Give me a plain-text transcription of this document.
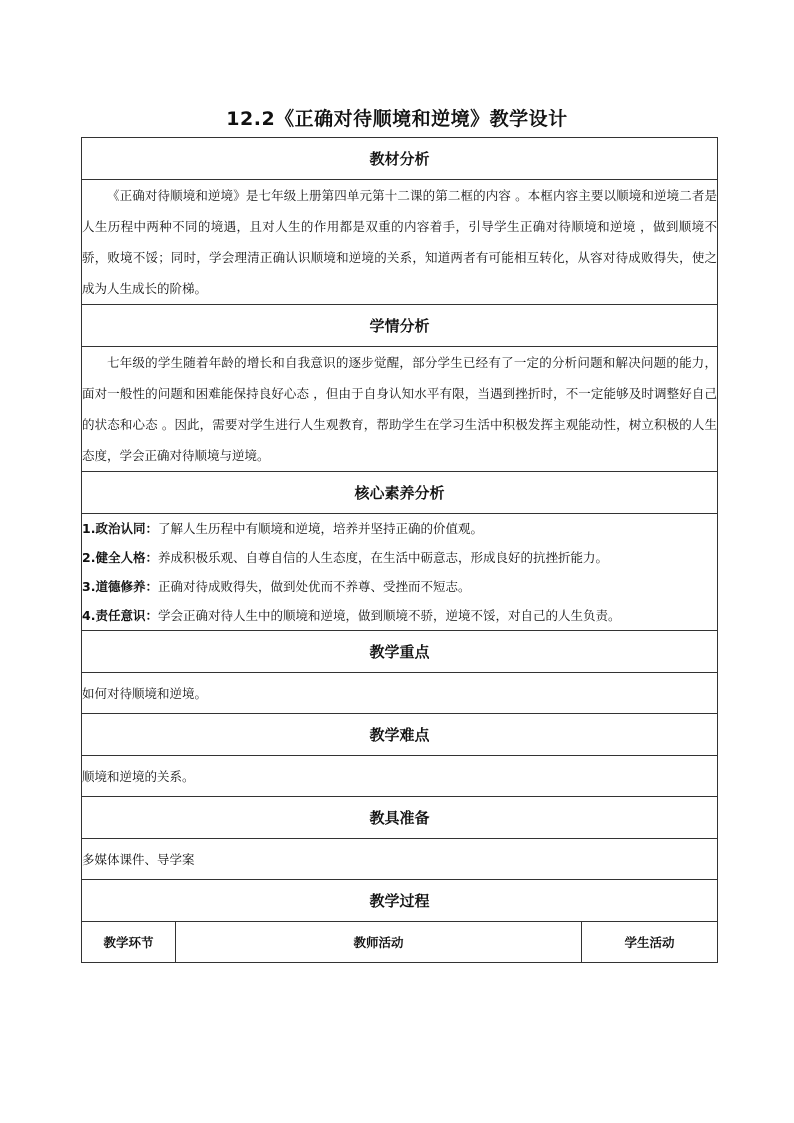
12.2《正确对待顺境和逆境》教学设计
教材分析

《正确对待顺境和逆境》是七年级上册第四单元第十二课的第二框的内容 。本框内容主要以顺境和逆境二者是人生历程中两种不同的境遇，且对人生的作用都是双重的内容着手，引导学生正确对待顺境和逆境 ，做到顺境不骄，败境不馁；同时，学会理清正确认识顺境和逆境的关系，知道两者有可能相互转化，从容对待成败得失，使之成为人生成长的阶梯。

学情分析

七年级的学生随着年龄的增长和自我意识的逐步觉醒，部分学生已经有了一定的分析问题和解决问题的能力，面对一般性的问题和困难能保持良好心态 ，但由于自身认知水平有限，当遇到挫折时，不一定能够及时调整好自己的状态和心态 。因此，需要对学生进行人生观教育，帮助学生在学习生活中积极发挥主观能动性，树立积极的人生态度，学会正确对待顺境与逆境。

核心素养分析

1.政治认同：了解人生历程中有顺境和逆境，培养并坚持正确的价值观。
2.健全人格：养成积极乐观、自尊自信的人生态度，在生活中砺意志，形成良好的抗挫折能力。
3.道德修养：正确对待成败得失，做到处优而不养尊、受挫而不短志。
4.责任意识：学会正确对待人生中的顺境和逆境，做到顺境不骄，逆境不馁，对自己的人生负责。

教学重点
如何对待顺境和逆境。
教学难点
顺境和逆境的关系。
教具准备
多媒体课件、导学案
教学过程
教学环节	教师活动	学生活动
